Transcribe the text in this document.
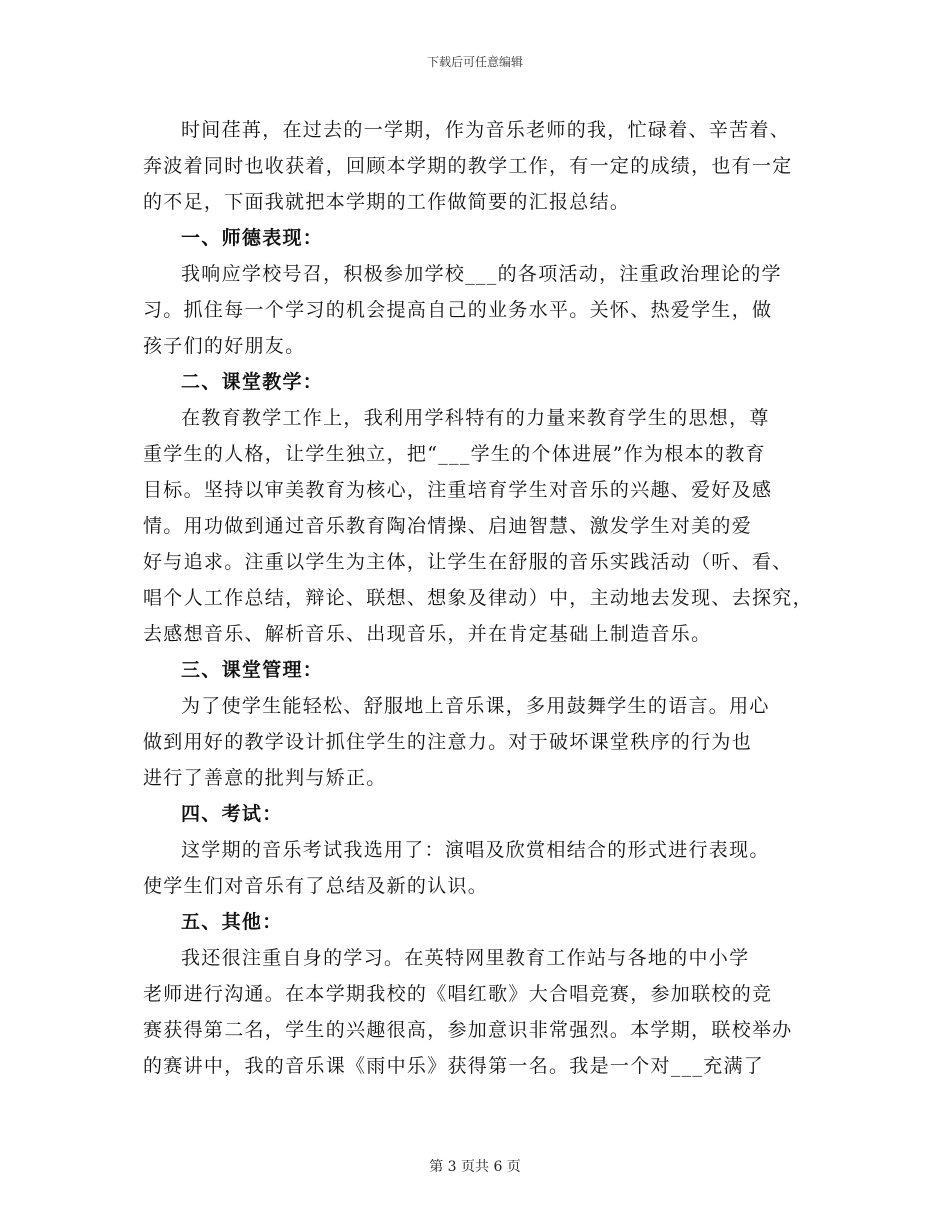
下载后可任意编辑
时间荏苒，在过去的一学期，作为音乐老师的我，忙碌着、辛苦着、
奔波着同时也收获着，回顾本学期的教学工作，有一定的成绩，也有一定
的不足，下面我就把本学期的工作做简要的汇报总结。
一、师德表现：
我响应学校号召，积极参加学校___的各项活动，注重政治理论的学
习。抓住每一个学习的机会提高自己的业务水平。关怀、热爱学生，做
孩子们的好朋友。
二、课堂教学：
在教育教学工作上，我利用学科特有的力量来教育学生的思想，尊
重学生的人格，让学生独立，把“___学生的个体进展”作为根本的教育
目标。坚持以审美教育为核心，注重培育学生对音乐的兴趣、爱好及感
情。用功做到通过音乐教育陶冶情操、启迪智慧、激发学生对美的爱
好与追求。注重以学生为主体，让学生在舒服的音乐实践活动（听、看、
唱个人工作总结，辩论、联想、想象及律动）中，主动地去发现、去探究，
去感想音乐、解析音乐、出现音乐，并在肯定基础上制造音乐。
三、课堂管理：
为了使学生能轻松、舒服地上音乐课，多用鼓舞学生的语言。用心
做到用好的教学设计抓住学生的注意力。对于破坏课堂秩序的行为也
进行了善意的批判与矫正。
四、考试：
这学期的音乐考试我选用了：演唱及欣赏相结合的形式进行表现。
使学生们对音乐有了总结及新的认识。
五、其他：
我还很注重自身的学习。在英特网里教育工作站与各地的中小学
老师进行沟通。在本学期我校的《唱红歌》大合唱竞赛，参加联校的竞
赛获得第二名，学生的兴趣很高，参加意识非常强烈。本学期，联校举办
的赛讲中，我的音乐课《雨中乐》获得第一名。我是一个对___充满了
第 3 页共 6 页
